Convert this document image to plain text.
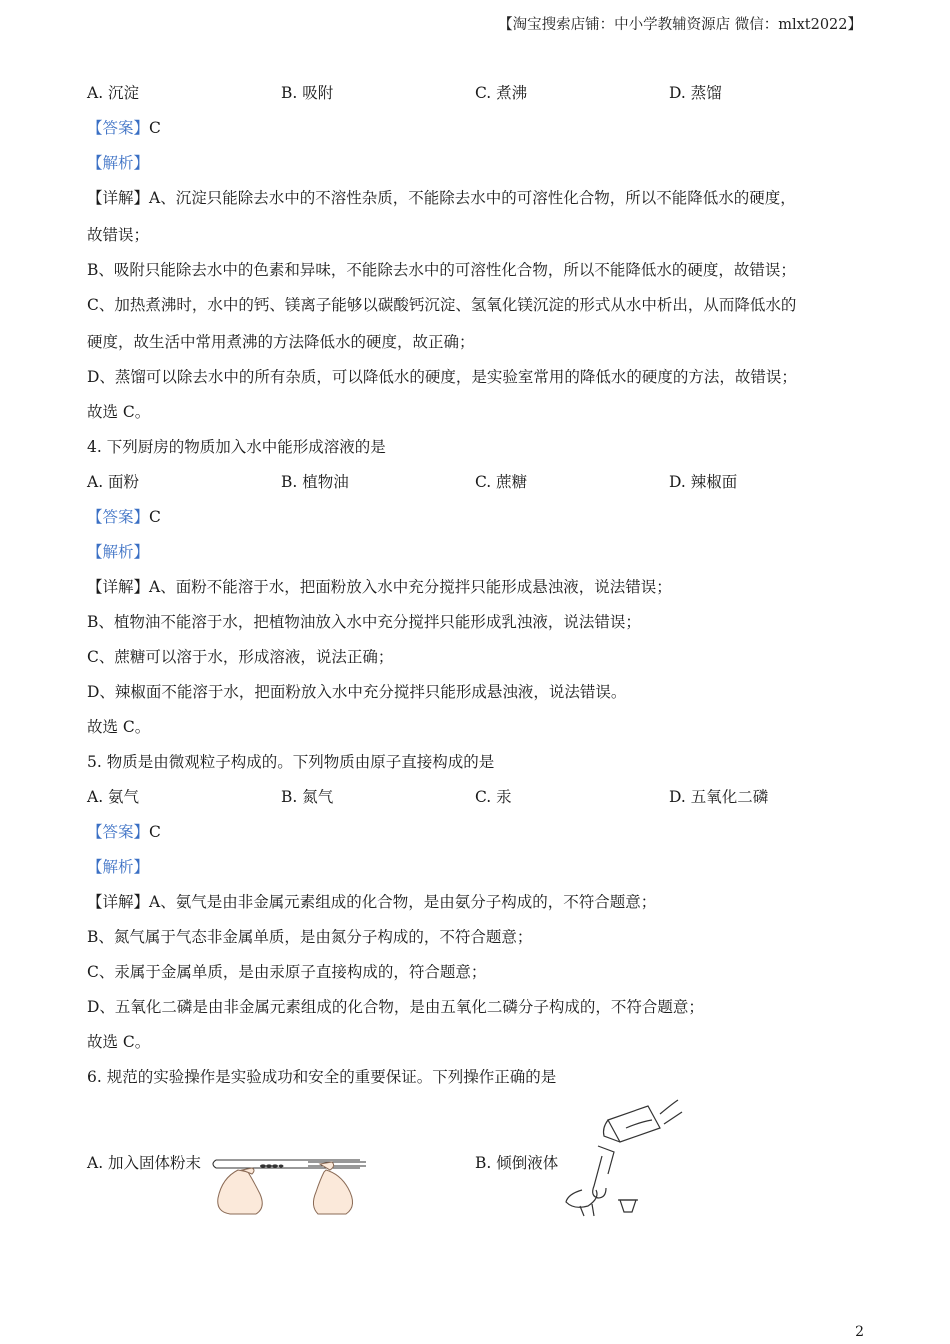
【淘宝搜索店铺：中小学教辅资源店 微信：mlxt2022】
A. 沉淀	B. 吸附	C. 煮沸	D. 蒸馏
【答案】C
【解析】
【详解】A、沉淀只能除去水中的不溶性杂质，不能除去水中的可溶性化合物，所以不能降低水的硬度，
故错误；
B、吸附只能除去水中的色素和异味，不能除去水中的可溶性化合物，所以不能降低水的硬度，故错误；
C、加热煮沸时，水中的钙、镁离子能够以碳酸钙沉淀、氢氧化镁沉淀的形式从水中析出，从而降低水的
硬度，故生活中常用煮沸的方法降低水的硬度，故正确；
D、蒸馏可以除去水中的所有杂质，可以降低水的硬度，是实验室常用的降低水的硬度的方法，故错误；
故选 C。
4. 下列厨房的物质加入水中能形成溶液的是
A. 面粉	B. 植物油	C. 蔗糖	D. 辣椒面
【答案】C
【解析】
【详解】A、面粉不能溶于水，把面粉放入水中充分搅拌只能形成悬浊液，说法错误；
B、植物油不能溶于水，把植物油放入水中充分搅拌只能形成乳浊液，说法错误；
C、蔗糖可以溶于水，形成溶液，说法正确；
D、辣椒面不能溶于水，把面粉放入水中充分搅拌只能形成悬浊液，说法错误。
故选 C。
5. 物质是由微观粒子构成的。下列物质由原子直接构成的是
A. 氨气	B. 氮气	C. 汞	D. 五氧化二磷
【答案】C
【解析】
【详解】A、氨气是由非金属元素组成的化合物，是由氨分子构成的，不符合题意；
B、氮气属于气态非金属单质，是由氮分子构成的，不符合题意；
C、汞属于金属单质，是由汞原子直接构成的，符合题意；
D、五氧化二磷是由非金属元素组成的化合物，是由五氧化二磷分子构成的，不符合题意；
故选 C。
6. 规范的实验操作是实验成功和安全的重要保证。下列操作正确的是
A. 加入固体粉末	B. 倾倒液体
2
